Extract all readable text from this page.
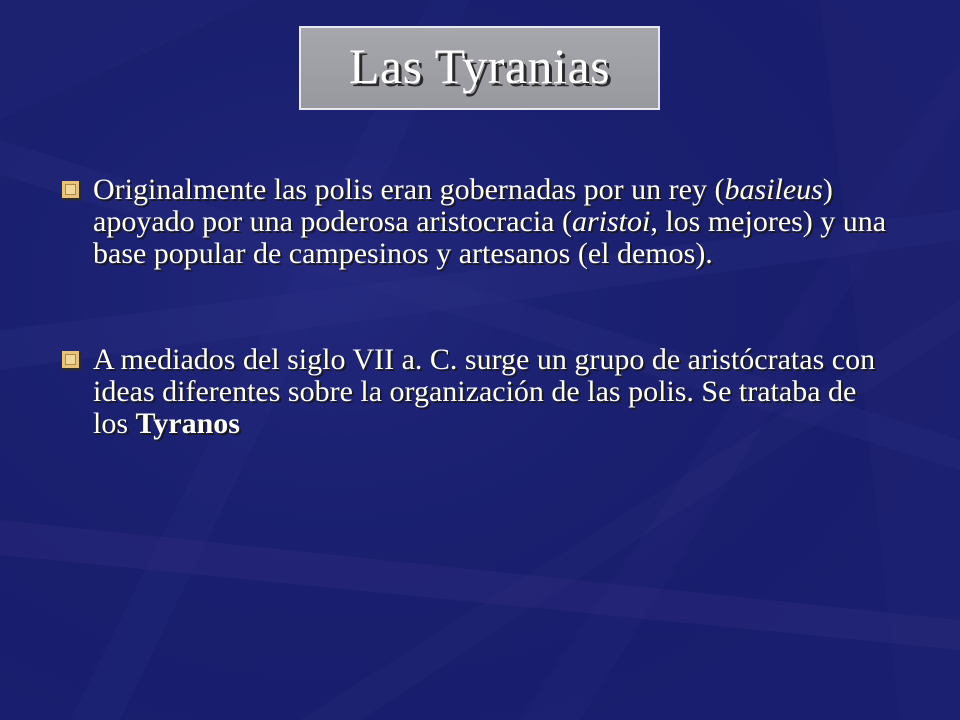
Las Tyranias
Originalmente las polis eran gobernadas por un rey (basileus) apoyado por una poderosa aristocracia (aristoi, los mejores) y una base popular de campesinos y artesanos (el demos).
A mediados del siglo VII a. C. surge un grupo de aristócratas con ideas diferentes sobre la organización de las polis. Se trataba de los Tyranos
